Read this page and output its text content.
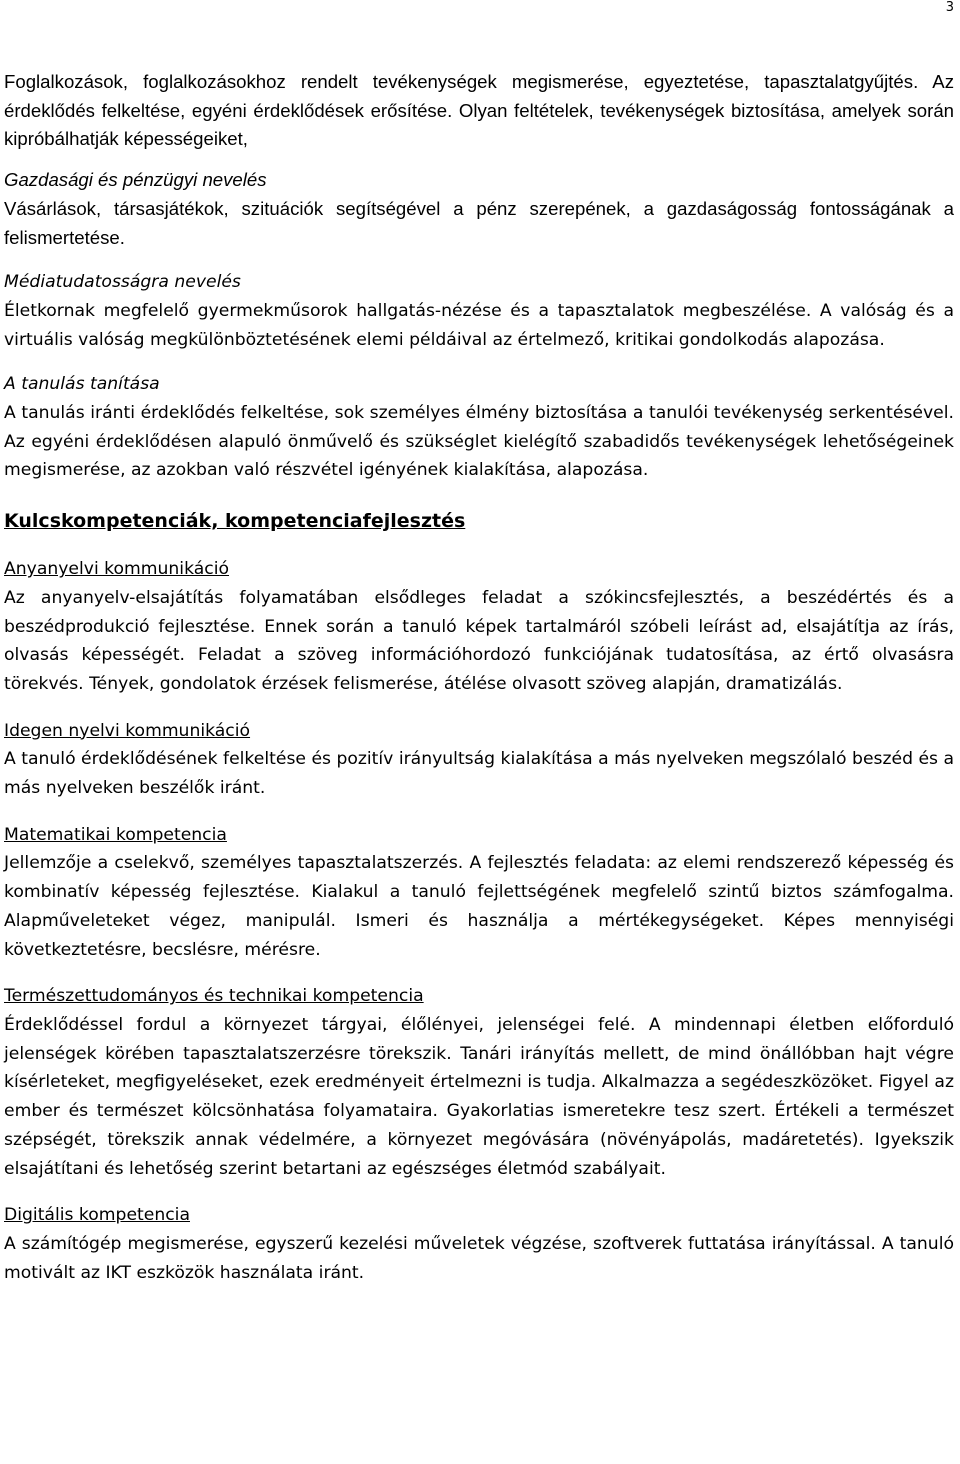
3

Foglalkozások, foglalkozásokhoz rendelt tevékenységek megismerése, egyeztetése, tapasztalatgyűjtés. Az érdeklődés felkeltése, egyéni érdeklődések erősítése. Olyan feltételek, tevékenységek biztosítása, amelyek során kipróbálhatják képességeiket,

Gazdasági és pénzügyi nevelés

Vásárlások, társasjátékok, szituációk segítségével a pénz szerepének, a gazdaságosság fontosságának a felismertetése.

Médiatudatosságra nevelés

Életkornak megfelelő gyermekműsorok hallgatás-nézése és a tapasztalatok megbeszélése. A valóság és a virtuális valóság megkülönböztetésének elemi példáival az értelmező, kritikai gondolkodás alapozása.

A tanulás tanítása

A tanulás iránti érdeklődés felkeltése, sok személyes élmény biztosítása a tanulói tevékenység serkentésével. Az egyéni érdeklődésen alapuló önművelő és szükséglet kielégítő szabadidős tevékenységek lehetőségeinek megismerése, az azokban való részvétel igényének kialakítása, alapozása.

Kulcskompetenciák, kompetenciafejlesztés
Anyanyelvi kommunikáció

Az anyanyelv-elsajátítás folyamatában elsődleges feladat a szókincsfejlesztés, a beszédértés és a beszédprodukció fejlesztése. Ennek során a tanuló képek tartalmáról szóbeli leírást ad, elsajátítja az írás, olvasás képességét. Feladat a szöveg információhordozó funkciójának tudatosítása, az értő olvasásra törekvés. Tények, gondolatok érzések felismerése, átélése olvasott szöveg alapján, dramatizálás.

Idegen nyelvi kommunikáció

A tanuló érdeklődésének felkeltése és pozitív irányultság kialakítása a más nyelveken megszólaló beszéd és a más nyelveken beszélők iránt.

Matematikai kompetencia

Jellemzője a cselekvő, személyes tapasztalatszerzés. A fejlesztés feladata: az elemi rendszerező képesség és kombinatív képesség fejlesztése. Kialakul a tanuló fejlettségének megfelelő szintű biztos számfogalma. Alapműveleteket végez, manipulál. Ismeri és használja a mértékegységeket. Képes mennyiségi következtetésre, becslésre, mérésre.

Természettudományos és technikai kompetencia

Érdeklődéssel fordul a környezet tárgyai, élőlényei, jelenségei felé. A mindennapi életben előforduló jelenségek körében tapasztalatszerzésre törekszik. Tanári irányítás mellett, de mind önállóbban hajt végre kísérleteket, megfigyeléseket, ezek eredményeit értelmezni is tudja. Alkalmazza a segédeszközöket. Figyel az ember és természet kölcsönhatása folyamataira. Gyakorlatias ismeretekre tesz szert. Értékeli a természet szépségét, törekszik annak védelmére, a környezet megóvására (növényápolás, madáretetés). Igyekszik elsajátítani és lehetőség szerint betartani az egészséges életmód szabályait.

Digitális kompetencia

A számítógép megismerése, egyszerű kezelési műveletek végzése, szoftverek futtatása irányítással. A tanuló motivált az IKT eszközök használata iránt.
